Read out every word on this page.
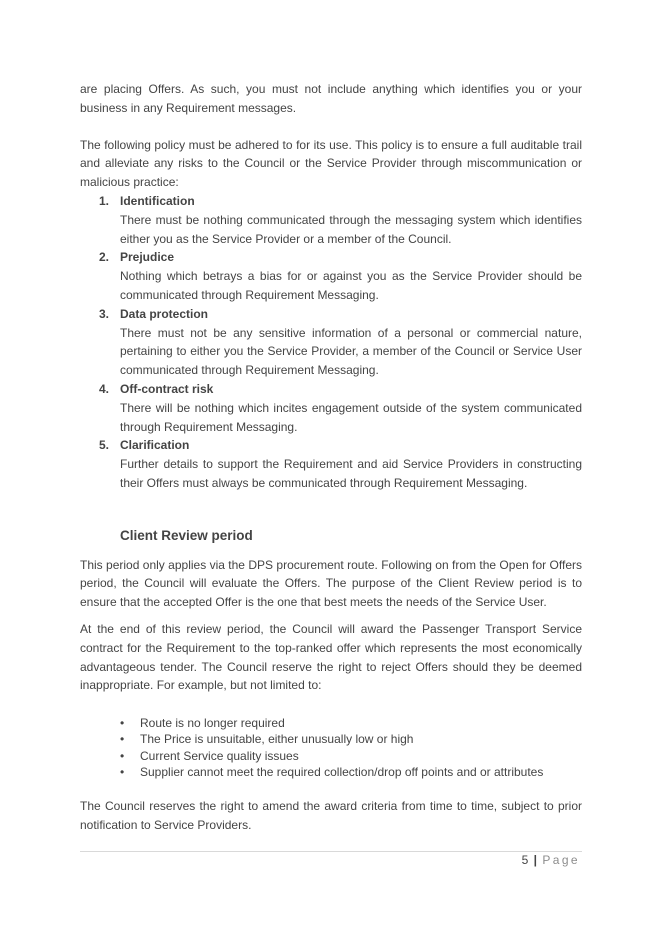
are placing Offers. As such, you must not include anything which identifies you or your business in any Requirement messages.

The following policy must be adhered to for its use. This policy is to ensure a full auditable trail and alleviate any risks to the Council or the Service Provider through miscommunication or malicious practice:

1. Identification
There must be nothing communicated through the messaging system which identifies either you as the Service Provider or a member of the Council.
2. Prejudice
Nothing which betrays a bias for or against you as the Service Provider should be communicated through Requirement Messaging.
3. Data protection
There must not be any sensitive information of a personal or commercial nature, pertaining to either you the Service Provider, a member of the Council or Service User communicated through Requirement Messaging.
4. Off-contract risk
There will be nothing which incites engagement outside of the system communicated through Requirement Messaging.
5. Clarification
Further details to support the Requirement and aid Service Providers in constructing their Offers must always be communicated through Requirement Messaging.
Client Review period

This period only applies via the DPS procurement route. Following on from the Open for Offers period, the Council will evaluate the Offers. The purpose of the Client Review period is to ensure that the accepted Offer is the one that best meets the needs of the Service User.

At the end of this review period, the Council will award the Passenger Transport Service contract for the Requirement to the top-ranked offer which represents the most economically advantageous tender. The Council reserve the right to reject Offers should they be deemed inappropriate. For example, but not limited to:

• Route is no longer required
• The Price is unsuitable, either unusually low or high
• Current Service quality issues
• Supplier cannot meet the required collection/drop off points and or attributes

The Council reserves the right to amend the award criteria from time to time, subject to prior notification to Service Providers.

5 | Page
